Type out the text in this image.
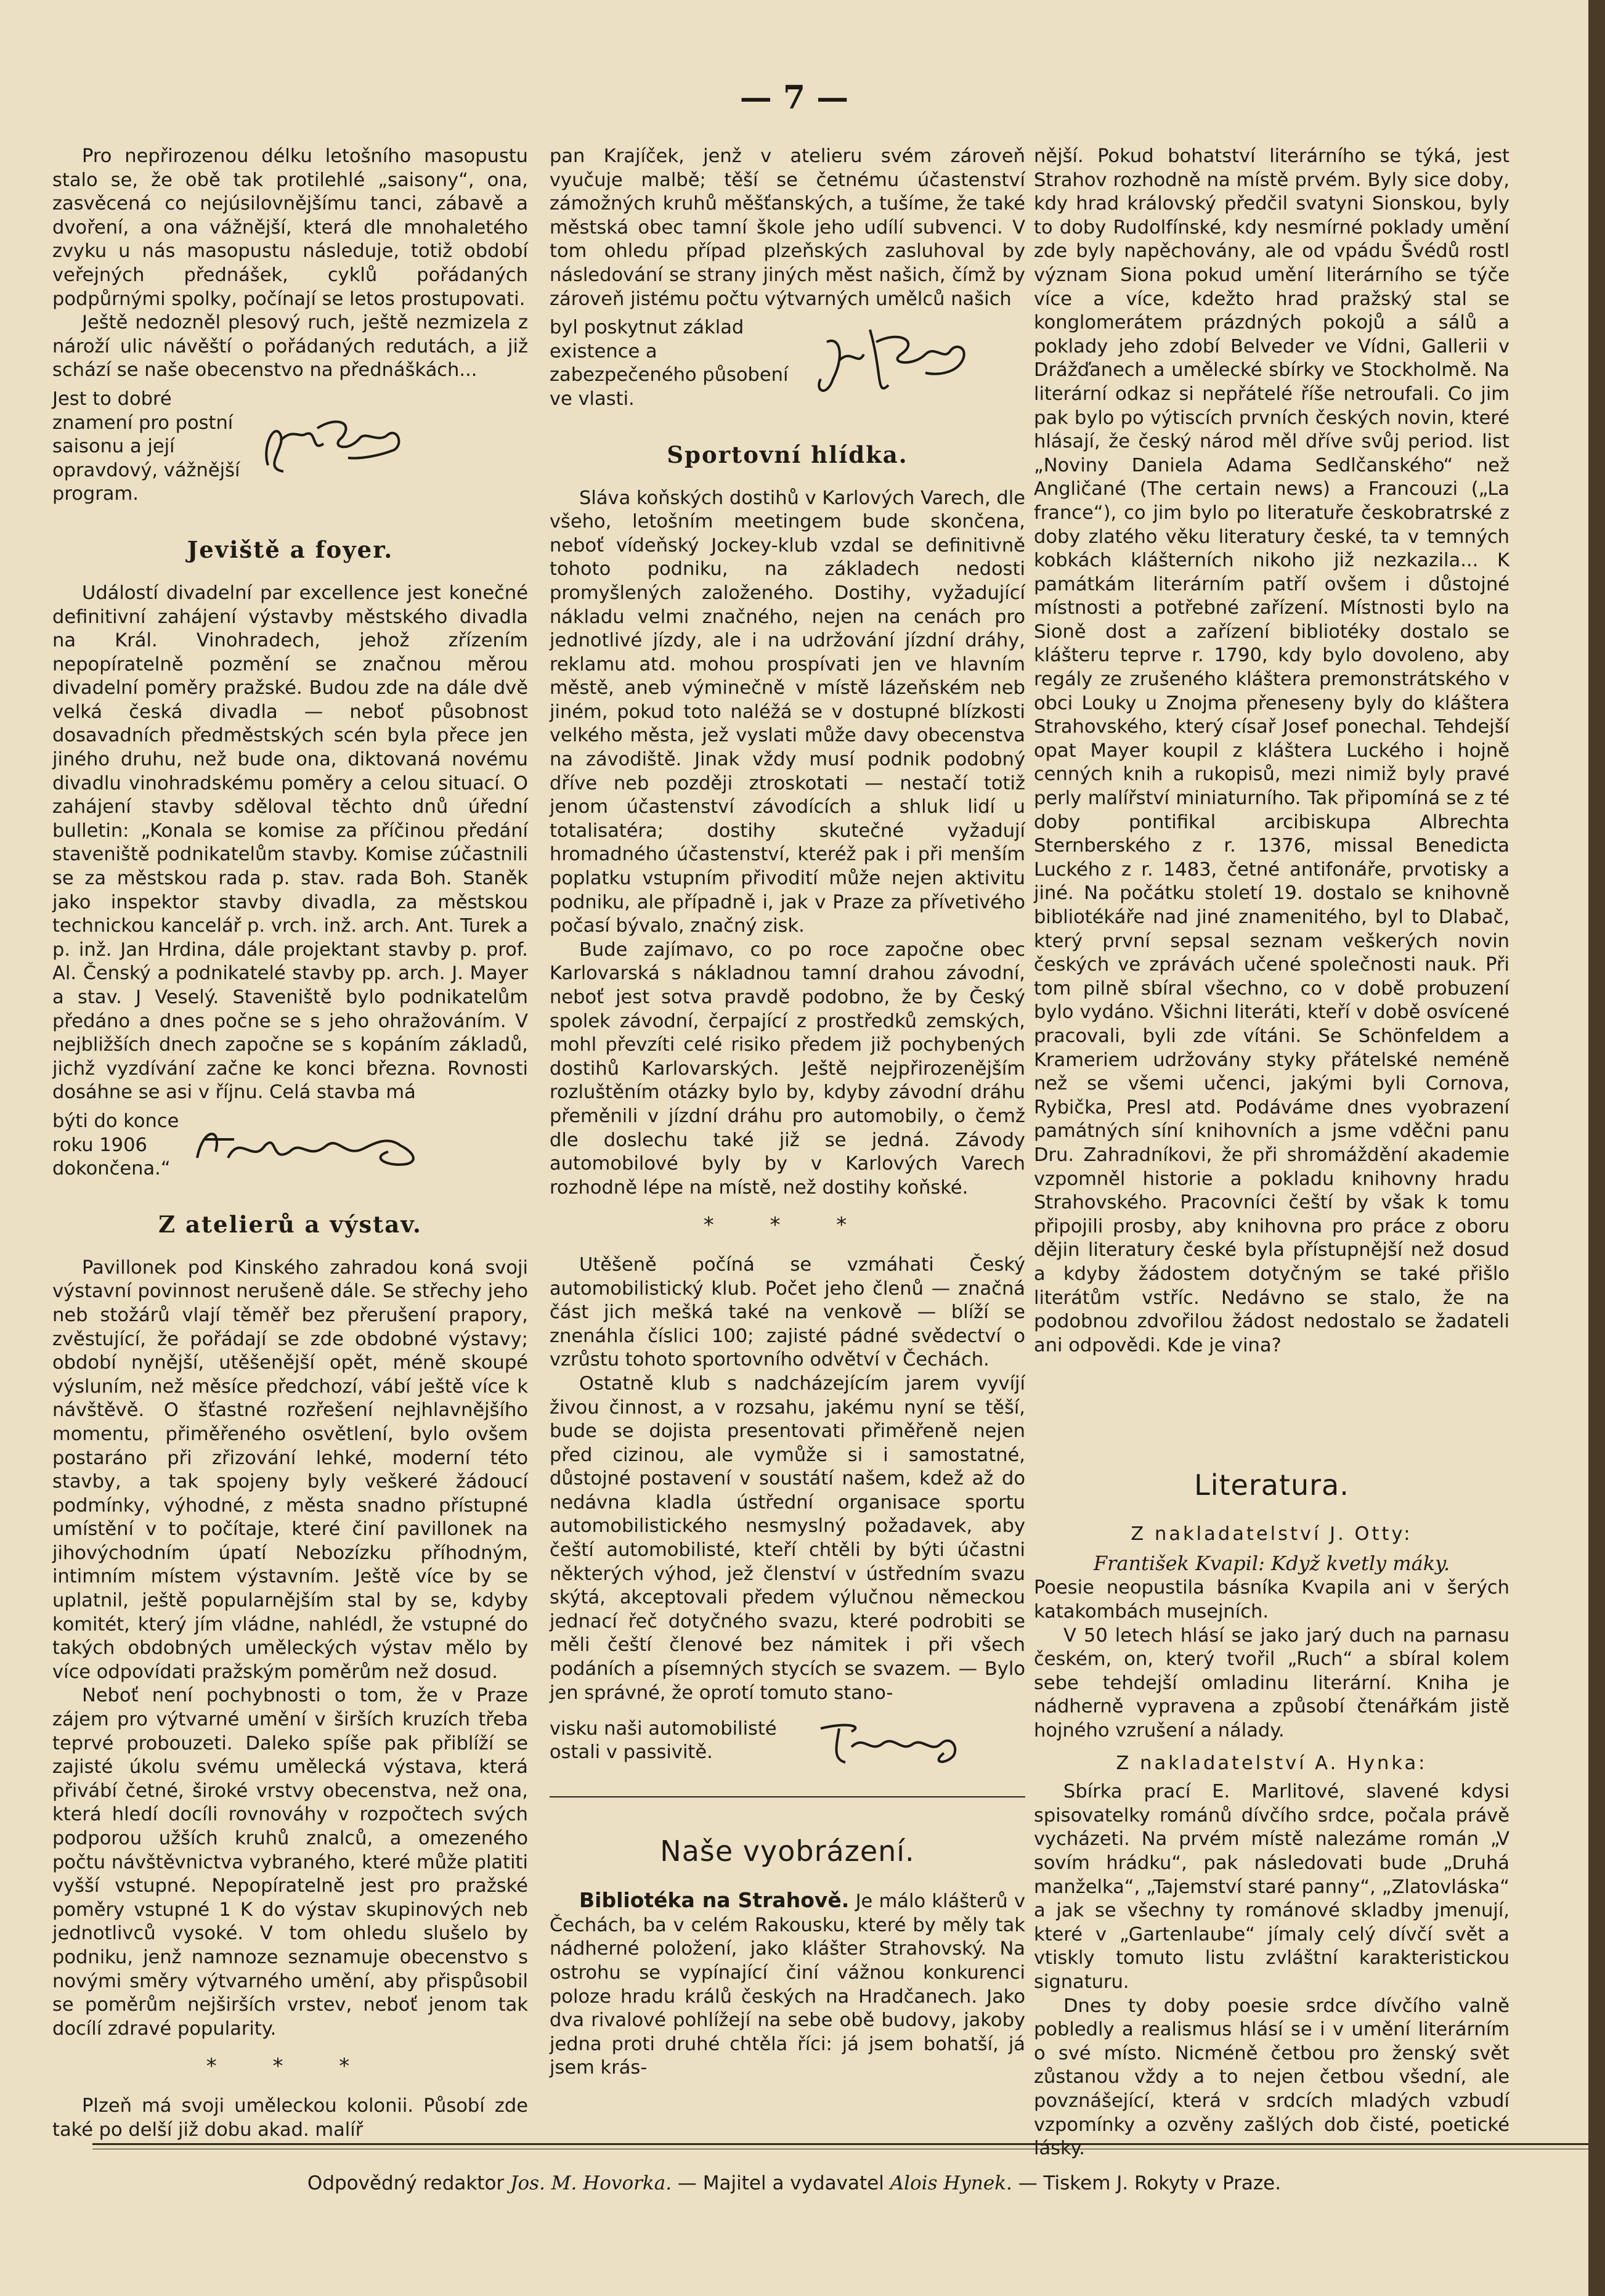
— 7 —

Pro nepřirozenou délku letošního masopustu stalo se, že obě tak protilehlé „saisony“, ona, zasvěcená co nejúsilovnějšímu tanci, zábavě a dvoření, a ona vážnější, která dle mnohaletého zvyku u nás masopustu následuje, totiž období veřejných přednášek, cyklů pořádaných podpůrnými spolky, počínají se letos prostupovati.

Ještě nedozněl plesový ruch, ještě nezmizela z nároží ulic návěští o pořádaných redutách, a již schází se naše obecenstvo na přednáškách...

Jest to dobré znamení pro postní saisonu a její opravdový, vážnější program.

Jeviště a foyer.

Událostí divadelní par excellence jest konečné definitivní zahájení výstavby městského divadla na Král. Vinohradech, jehož zřízením nepopíratelně pozmění se značnou měrou divadelní poměry pražské. Budou zde na dále dvě velká česká divadla — neboť působnost dosavadních předměstských scén byla přece jen jiného druhu, než bude ona, diktovaná novému divadlu vinohradskému poměry a celou situací. O zahájení stavby sděloval těchto dnů úřední bulletin: „Konala se komise za příčinou předání staveniště podnikatelům stavby. Komise zúčastnili se za městskou rada p. stav. rada Boh. Staněk jako inspektor stavby divadla, za městskou technickou kancelář p. vrch. inž. arch. Ant. Turek a p. inž. Jan Hrdina, dále projektant stavby p. prof. Al. Čenský a podnikatelé stavby pp. arch. J. Mayer a stav. J Veselý. Staveniště bylo podnikatelům předáno a dnes počne se s jeho ohražováním. V nejbližších dnech započne se s kopáním základů, jichž vyzdívání začne ke konci března. Rovnosti dosáhne se asi v říjnu. Celá stavba má

býti do konce roku 1906 dokončena.“

Z atelierů a výstav.

Pavillonek pod Kinského zahradou koná svoji výstavní povinnost nerušeně dále. Se střechy jeho neb stožárů vlají těměř bez přerušení prapory, zvěstující, že pořádají se zde obdobné výstavy; období nynější, utěšenější opět, méně skoupé výsluním, než měsíce předchozí, vábí ještě více k návštěvě. O šťastné rozřešení nejhlavnějšího momentu, přiměřeného osvětlení, bylo ovšem postaráno při zřizování lehké, moderní této stavby, a tak spojeny byly veškeré žádoucí podmínky, výhodné, z města snadno přístupné umístění v to počítaje, které činí pavillonek na jihovýchodním úpatí Nebozízku příhodným, intimním místem výstavním. Ještě více by se uplatnil, ještě popularnějším stal by se, kdyby komitét, který jím vládne, nahlédl, že vstupné do takých obdobných uměleckých výstav mělo by více odpovídati pražským poměrům než dosud.

Neboť není pochybnosti o tom, že v Praze zájem pro výtvarné umění v širších kruzích třeba teprvé probouzeti. Daleko spíše pak přiblíží se zajisté úkolu svému umělecká výstava, která přivábí četné, široké vrstvy obecenstva, než ona, která hledí docíli rovnováhy v rozpočtech svých podporou užších kruhů znalců, a omezeného počtu návštěvnictva vybraného, které může platiti vyšší vstupné. Nepopíratelně jest pro pražské poměry vstupné 1 K do výstav skupinových neb jednotlivců vysoké. V tom ohledu slušelo by podniku, jenž namnoze seznamuje obecenstvo s novými směry výtvarného umění, aby přispůsobil se poměrům nejširších vrstev, neboť jenom tak docílí zdravé popularity.

* * *

Plzeň má svoji uměleckou kolonii. Působí zde také po delší již dobu akad. malíř

pan Krajíček, jenž v atelieru svém zároveň vyučuje malbě; těší se četnému účastenství zámožných kruhů měšťanských, a tušíme, že také městská obec tamní škole jeho udílí subvenci. V tom ohledu případ plzeňských zasluhoval by následování se strany jiných měst našich, čímž by zároveň jistému počtu výtvarných umělců našich

byl poskytnut základ existence a zabezpečeného působení ve vlasti.

Sportovní hlídka.

Sláva koňských dostihů v Karlových Varech, dle všeho, letošním meetingem bude skončena, neboť vídeňský Jockey-klub vzdal se definitivně tohoto podniku, na základech nedosti promyšlených založeného. Dostihy, vyžadující nákladu velmi značného, nejen na cenách pro jednotlivé jízdy, ale i na udržování jízdní dráhy, reklamu atd. mohou prospívati jen ve hlavním městě, aneb výminečně v místě lázeňském neb jiném, pokud toto naléžá se v dostupné blízkosti velkého města, jež vyslati může davy obecenstva na závodiště. Jinak vždy musí podnik podobný dříve neb později ztroskotati — nestačí totiž jenom účastenství závodících a shluk lidí u totalisatéra; dostihy skutečné vyžadují hromadného účastenství, kteréž pak i při menším poplatku vstupním přivodití může nejen aktivitu podniku, ale případně i, jak v Praze za přívetivého počasí bývalo, značný zisk.

Bude zajímavo, co po roce započne obec Karlovarská s nákladnou tamní drahou závodní, neboť jest sotva pravdě podobno, že by Český spolek závodní, čerpající z prostředků zemských, mohl převzíti celé risiko předem již pochybených dostihů Karlovarských. Ještě nejpřirozenějším rozluštěním otázky bylo by, kdyby závodní dráhu přeměnili v jízdní dráhu pro automobily, o čemž dle doslechu také již se jedná. Závody automobilové byly by v Karlových Varech rozhodně lépe na místě, než dostihy koňské.

* * *

Utěšeně počíná se vzmáhati Český automobilistický klub. Počet jeho členů — značná část jich mešká také na venkově — blíží se znenáhla číslici 100; zajisté pádné svědectví o vzrůstu tohoto sportovního odvětví v Čechách.

Ostatně klub s nadcházejícím jarem vyvíjí živou činnost, a v rozsahu, jakému nyní se těší, bude se dojista presentovati přiměřeně nejen před cizinou, ale vymůže si i samostatné, důstojné postavení v soustátí našem, kdež až do nedávna kladla ústřední organisace sportu automobilistického nesmyslný požadavek, aby čeští automobilisté, kteří chtěli by býti účastni některých výhod, jež členství v ústředním svazu skýtá, akceptovali předem výlučnou německou jednací řeč dotyčného svazu, které podrobiti se měli čeští členové bez námitek i při všech podáních a písemných stycích se svazem. — Bylo jen správné, že oprotí tomuto stano-

visku naši automobilisté ostali v passivitě.

Naše vyobrázení.

Bibliotéka na Strahově. Je málo klášterů v Čechách, ba v celém Rakousku, které by měly tak nádherné položení, jako klášter Strahovský. Na ostrohu se vypínající činí vážnou konkurenci poloze hradu králů českých na Hradčanech. Jako dva rivalové pohlížejí na sebe obě budovy, jakoby jedna proti druhé chtěla říci: já jsem bohatší, já jsem krás-

nější. Pokud bohatství literárního se týká, jest Strahov rozhodně na místě prvém. Byly sice doby, kdy hrad královský předčil svatyni Sionskou, byly to doby Rudolfínské, kdy nesmírné poklady umění zde byly napěchovány, ale od vpádu Švédů rostl význam Siona pokud umění literárního se týče více a více, kdežto hrad pražský stal se konglomerátem prázdných pokojů a sálů a poklady jeho zdobí Belveder ve Vídni, Gallerii v Drážďanech a umělecké sbírky ve Stockholmě. Na literární odkaz si nepřátelé říše netroufali. Co jim pak bylo po výtiscích prvních českých novin, které hlásají, že český národ měl dříve svůj period. list „Noviny Daniela Adama Sedlčanského“ než Angličané (The certain news) a Francouzi („La france“), co jim bylo po literatuře českobratrské z doby zlatého věku literatury české, ta v temných kobkách klášterních nikoho již nezkazila... K památkám literárním patří ovšem i důstojné místnosti a potřebné zařízení. Místnosti bylo na Sioně dost a zařízení bibliotéky dostalo se klášteru teprve r. 1790, kdy bylo dovoleno, aby regály ze zrušeného kláštera premonstrátského v obci Louky u Znojma přeneseny byly do kláštera Strahovského, který císař Josef ponechal. Tehdejší opat Mayer koupil z kláštera Luckého i hojně cenných knih a rukopisů, mezi nimiž byly pravé perly malířství miniaturního. Tak připomíná se z té doby pontifikal arcibiskupa Albrechta Sternberského z r. 1376, missal Benedicta Luckého z r. 1483, četné antifonáře, prvotisky a jiné. Na počátku století 19. dostalo se knihovně bibliotékáře nad jiné znamenitého, byl to Dlabač, který první sepsal seznam veškerých novin českých ve zprávách učené společnosti nauk. Při tom pilně sbíral všechno, co v době probuzení bylo vydáno. Všichni literáti, kteří v době osvícené pracovali, byli zde vítáni. Se Schönfeldem a Krameriem udržovány styky přátelské neméně než se všemi učenci, jakými byli Cornova, Rybička, Presl atd. Podáváme dnes vyobrazení památných síní knihovních a jsme vděčni panu Dru. Zahradníkovi, že při shromáždění akademie vzpomněl historie a pokladu knihovny hradu Strahovského. Pracovníci čeští by však k tomu připojili prosby, aby knihovna pro práce z oboru dějin literatury české byla přístupnější než dosud a kdyby žádostem dotyčným se také přišlo literátům vstříc. Nedávno se stalo, že na podobnou zdvořilou žádost nedostalo se žadateli ani odpovědi. Kde je vina?

Literatura.
Z nakladatelství J. Otty:
František Kvapil: Když kvetly máky.

Poesie neopustila básníka Kvapila ani v šerých katakombách musejních.

V 50 letech hlásí se jako jarý duch na parnasu českém, on, který tvořil „Ruch“ a sbíral kolem sebe tehdejší omladinu literární. Kniha je nádherně vypravena a způsobí čtenářkám jistě hojného vzrušení a nálady.

Z nakladatelství A. Hynka:

Sbírka prací E. Marlitové, slavené kdysi spisovatelky románů dívčího srdce, počala právě vycházeti. Na prvém místě nalezáme román „V sovím hrádku“, pak následovati bude „Druhá manželka“, „Tajemství staré panny“, „Zlatovláska“ a jak se všechny ty románové skladby jmenují, které v „Gartenlaube“ jímaly celý dívčí svět a vtiskly tomuto listu zvláštní karakteristickou signaturu.

Dnes ty doby poesie srdce dívčího valně pobledly a realismus hlásí se i v umění literárním o své místo. Nicméně četbou pro ženský svět zůstanou vždy a to nejen četbou všední, ale povznášející, která v srdcích mladých vzbudí vzpomínky a ozvěny zašlých dob čisté, poetické lásky.

Odpovědný redaktor Jos. M. Hovorka. — Majitel a vydavatel Alois Hynek. — Tiskem J. Rokyty v Praze.
